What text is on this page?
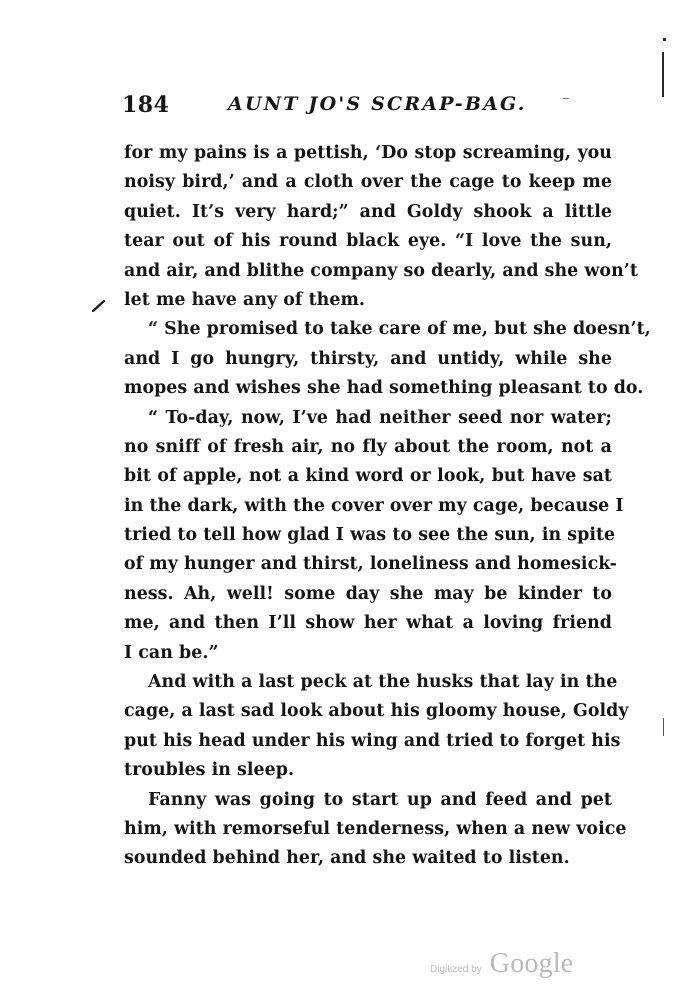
184	AUNT JO'S SCRAP-BAG.
for my pains is a pettish, ‘Do stop screaming, you
noisy bird,’ and a cloth over the cage to keep me
quiet. It’s very hard;” and Goldy shook a little
tear out of his round black eye. “I love the sun,
and air, and blithe company so dearly, and she won’t
let me have any of them.
“ She promised to take care of me, but she doesn’t,
and I go hungry, thirsty, and untidy, while she
mopes and wishes she had something pleasant to do.
“ To-day, now, I’ve had neither seed nor water;
no sniff of fresh air, no fly about the room, not a
bit of apple, not a kind word or look, but have sat
in the dark, with the cover over my cage, because I
tried to tell how glad I was to see the sun, in spite
of my hunger and thirst, loneliness and homesick-
ness. Ah, well! some day she may be kinder to
me, and then I’ll show her what a loving friend
I can be.”
And with a last peck at the husks that lay in the
cage, a last sad look about his gloomy house, Goldy
put his head under his wing and tried to forget his
troubles in sleep.
Fanny was going to start up and feed and pet
him, with remorseful tenderness, when a new voice
sounded behind her, and she waited to listen.
Digitized by Google
